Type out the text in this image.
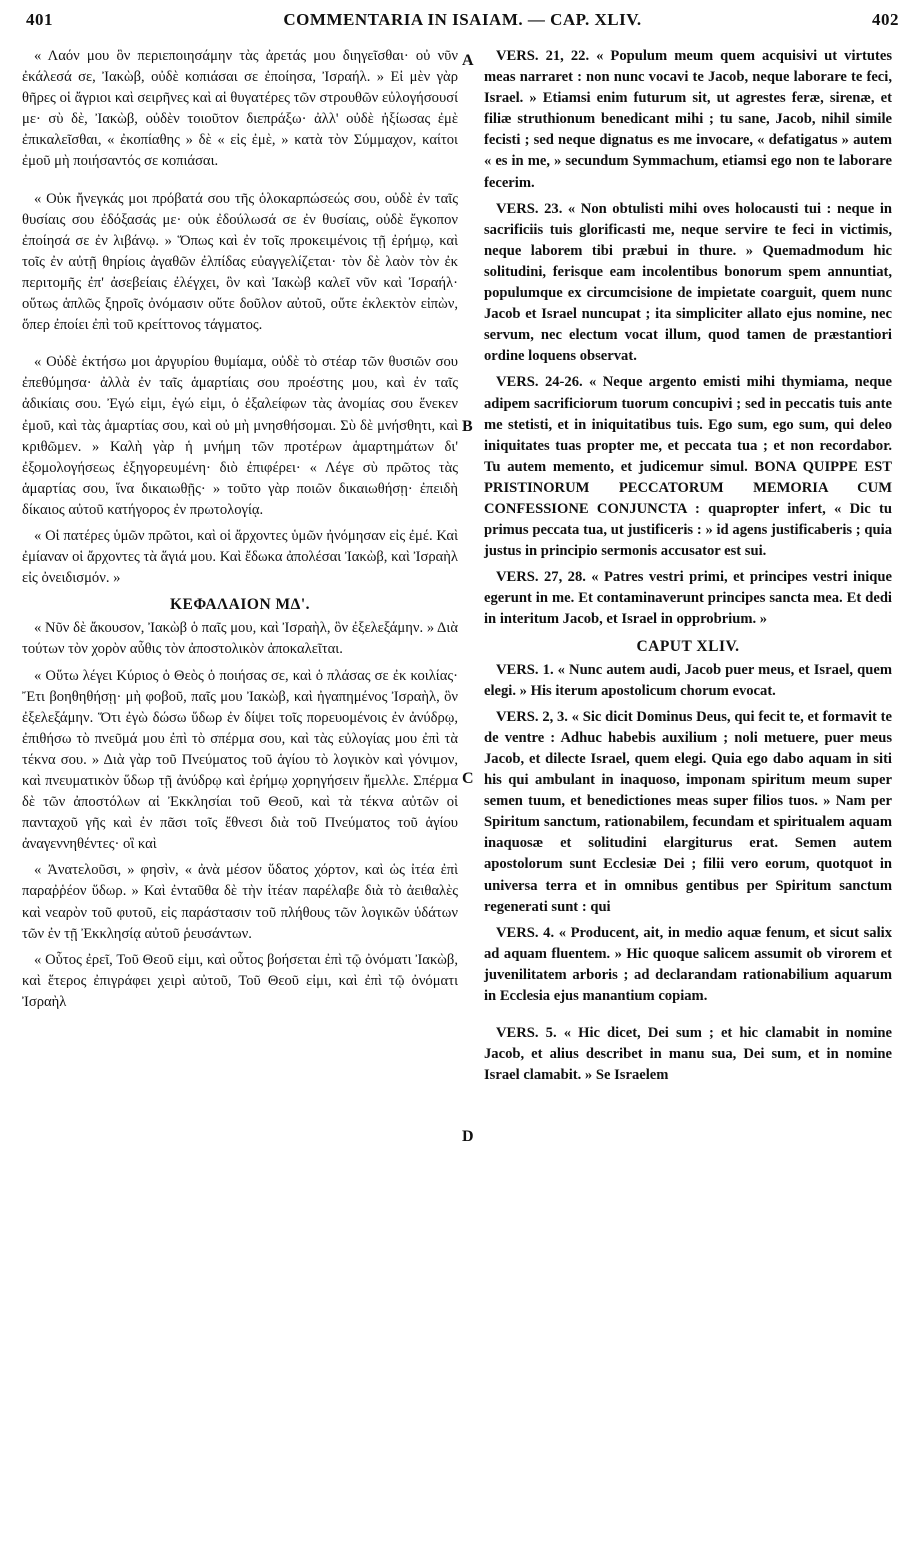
401	COMMENTARIA IN ISAIAM. — CAP. XLIV.	402
A
B
C
D

« Λαόν μου ὃν περιεποιησάμην τὰς ἀρετάς μου διηγεῖσθαι· οὐ νῦν ἐκάλεσά σε, Ἰακὼβ, οὐδὲ κοπιάσαι σε ἐποίησα, Ἰσραήλ. » Εἰ μὲν γὰρ θῆρες οἱ ἄγριοι καὶ σειρῆνες καὶ αἱ θυγατέρες τῶν στρουθῶν εὐλογήσουσί με· σὺ δὲ, Ἰακὼβ, οὐδὲν τοιοῦτον διεπράξω· ἀλλ' οὐδὲ ἠξίωσας ἐμὲ ἐπικαλεῖσθαι, « ἐκοπίαθης » δὲ « εἰς ἐμὲ, » κατὰ τὸν Σύμμαχον, καίτοι ἐμοῦ μὴ ποιήσαντός σε κοπιάσαι.

« Οὐκ ἤνεγκάς μοι πρόβατά σου τῆς ὁλοκαρπώσεώς σου, οὐδὲ ἐν ταῖς θυσίαις σου ἐδόξασάς με· οὐκ ἐδούλωσά σε ἐν θυσίαις, οὐδὲ ἔγκοπον ἐποίησά σε ἐν λιβάνῳ. » Ὅπως καὶ ἐν τοῖς προκειμένοις τῇ ἐρήμῳ, καὶ τοῖς ἐν αὐτῇ θηρίοις ἀγαθῶν ἐλπίδας εὐαγγελίζεται· τὸν δὲ λαὸν τὸν ἐκ περιτομῆς ἐπ' ἀσεβείαις ἐλέγχει, ὃν καὶ Ἰακὼβ καλεῖ νῦν καὶ Ἰσραήλ· οὕτως ἁπλῶς ξηροῖς ὀνόμασιν οὔτε δοῦλον αὐτοῦ, οὔτε ἐκλεκτὸν εἰπὼν, ὅπερ ἐποίει ἐπὶ τοῦ κρείττονος τάγματος.

« Οὐδὲ ἐκτήσω μοι ἀργυρίου θυμίαμα, οὐδὲ τὸ στέαρ τῶν θυσιῶν σου ἐπεθύμησα· ἀλλὰ ἐν ταῖς ἁμαρτίαις σου προέστης μου, καὶ ἐν ταῖς ἀδικίαις σου. Ἐγώ εἰμι, ἐγώ εἰμι, ὁ ἐξαλείφων τὰς ἀνομίας σου ἕνεκεν ἐμοῦ, καὶ τὰς ἁμαρτίας σου, καὶ οὐ μὴ μνησθήσομαι. Σὺ δὲ μνήσθητι, καὶ κριθῶμεν. » Καλὴ γὰρ ἡ μνήμη τῶν προτέρων ἁμαρτημάτων δι' ἐξομολογήσεως ἐξηγορευμένη· διὸ ἐπιφέρει· « Λέγε σὺ πρῶτος τὰς ἁμαρτίας σου, ἵνα δικαιωθῇς· » τοῦτο γὰρ ποιῶν δικαιωθήσῃ· ἐπειδὴ δίκαιος αὐτοῦ κατήγορος ἐν πρωτολογίᾳ.

« Οἱ πατέρες ὑμῶν πρῶτοι, καὶ οἱ ἄρχοντες ὑμῶν ἠνόμησαν εἰς ἐμέ. Καὶ ἐμίαναν οἱ ἄρχοντες τὰ ἅγιά μου. Καὶ ἔδωκα ἀπολέσαι Ἰακὼβ, καὶ Ἰσραὴλ εἰς ὀνειδισμόν. »

ΚΕΦΑΛΑΙΟΝ ΜΔ'.

« Νῦν δὲ ἄκουσον, Ἰακὼβ ὁ παῖς μου, καὶ Ἰσραὴλ, ὃν ἐξελεξάμην. » Διὰ τούτων τὸν χορὸν αὖθις τὸν ἀποστολικὸν ἀποκαλεῖται.

« Οὕτω λέγει Κύριος ὁ Θεὸς ὁ ποιήσας σε, καὶ ὁ πλάσας σε ἐκ κοιλίας· Ἔτι βοηθηθήσῃ· μὴ φοβοῦ, παῖς μου Ἰακὼβ, καὶ ἠγαπημένος Ἰσραὴλ, ὃν ἐξελεξάμην. Ὅτι ἐγὼ δώσω ὕδωρ ἐν δίψει τοῖς πορευομένοις ἐν ἀνύδρῳ, ἐπιθήσω τὸ πνεῦμά μου ἐπὶ τὸ σπέρμα σου, καὶ τὰς εὐλογίας μου ἐπὶ τὰ τέκνα σου. » Διὰ γὰρ τοῦ Πνεύματος τοῦ ἁγίου τὸ λογικὸν καὶ γόνιμον, καὶ πνευματικὸν ὕδωρ τῇ ἀνύδρῳ καὶ ἐρήμῳ χορηγήσειν ἤμελλε. Σπέρμα δὲ τῶν ἀποστόλων αἱ Ἐκκλησίαι τοῦ Θεοῦ, καὶ τὰ τέκνα αὐτῶν οἱ πανταχοῦ γῆς καὶ ἐν πᾶσι τοῖς ἔθνεσι διὰ τοῦ Πνεύματος τοῦ ἁγίου ἀναγεννηθέντες· οἳ καὶ

« Ἀνατελοῦσι, » φησὶν, « ἀνὰ μέσον ὕδατος χόρτον, καὶ ὡς ἰτέα ἐπὶ παραῤῥέον ὕδωρ. » Καὶ ἐνταῦθα δὲ τὴν ἰτέαν παρέλαβε διὰ τὸ ἀειθαλὲς καὶ νεαρὸν τοῦ φυτοῦ, εἰς παράστασιν τοῦ πλήθους τῶν λογικῶν ὑδάτων τῶν ἐν τῇ Ἐκκλησίᾳ αὐτοῦ ῥευσάντων.

« Οὗτος ἐρεῖ, Τοῦ Θεοῦ εἰμι, καὶ οὗτος βοήσεται ἐπὶ τῷ ὀνόματι Ἰακὼβ, καὶ ἕτερος ἐπιγράφει χειρὶ αὐτοῦ, Τοῦ Θεοῦ εἰμι, καὶ ἐπὶ τῷ ὀνόματι Ἰσραὴλ

VERS. 21, 22. « Populum meum quem acquisivi ut virtutes meas narraret : non nunc vocavi te Jacob, neque laborare te feci, Israel. » Etiamsi enim futurum sit, ut agrestes feræ, sirenæ, et filiæ struthionum benedicant mihi ; tu sane, Jacob, nihil simile fecisti ; sed neque dignatus es me invocare, « defatigatus » autem « es in me, » secundum Symmachum, etiamsi ego non te laborare fecerim.

VERS. 23. « Non obtulisti mihi oves holocausti tui : neque in sacrificiis tuis glorificasti me, neque servire te feci in victimis, neque laborem tibi præbui in thure. » Quemadmodum hic solitudini, ferisque eam incolentibus bonorum spem annuntiat, populumque ex circumcisione de impietate coarguit, quem nunc Jacob et Israel nuncupat ; ita simpliciter allato ejus nomine, nec servum, nec electum vocat illum, quod tamen de præstantiori ordine loquens observat.

VERS. 24-26. « Neque argento emisti mihi thymiama, neque adipem sacrificiorum tuorum concupivi ; sed in peccatis tuis ante me stetisti, et in iniquitatibus tuis. Ego sum, ego sum, qui deleo iniquitates tuas propter me, et peccata tua ; et non recordabor. Tu autem memento, et judicemur simul. BONA QUIPPE EST PRISTINORUM PECCATORUM MEMORIA CUM CONFESSIONE CONJUNCTA : quapropter infert, « Dic tu primus peccata tua, ut justificeris : » id agens justificaberis ; quia justus in principio sermonis accusator est sui.

VERS. 27, 28. « Patres vestri primi, et principes vestri inique egerunt in me. Et contaminaverunt principes sancta mea. Et dedi in interitum Jacob, et Israel in opprobrium. »

CAPUT XLIV.

VERS. 1. « Nunc autem audi, Jacob puer meus, et Israel, quem elegi. » His iterum apostolicum chorum evocat.

VERS. 2, 3. « Sic dicit Dominus Deus, qui fecit te, et formavit te de ventre : Adhuc habebis auxilium ; noli metuere, puer meus Jacob, et dilecte Israel, quem elegi. Quia ego dabo aquam in siti his qui ambulant in inaquoso, imponam spiritum meum super semen tuum, et benedictiones meas super filios tuos. » Nam per Spiritum sanctum, rationabilem, fecundam et spiritualem aquam inaquosæ et solitudini elargiturus erat. Semen autem apostolorum sunt Ecclesiæ Dei ; filii vero eorum, quotquot in universa terra et in omnibus gentibus per Spiritum sanctum regenerati sunt : qui

VERS. 4. « Producent, ait, in medio aquæ fenum, et sicut salix ad aquam fluentem. » Hic quoque salicem assumit ob virorem et juvenilitatem arboris ; ad declarandam rationabilium aquarum in Ecclesia ejus manantium copiam.

VERS. 5. « Hic dicet, Dei sum ; et hic clamabit in nomine Jacob, et alius describet in manu sua, Dei sum, et in nomine Israel clamabit. » Se Israelem
